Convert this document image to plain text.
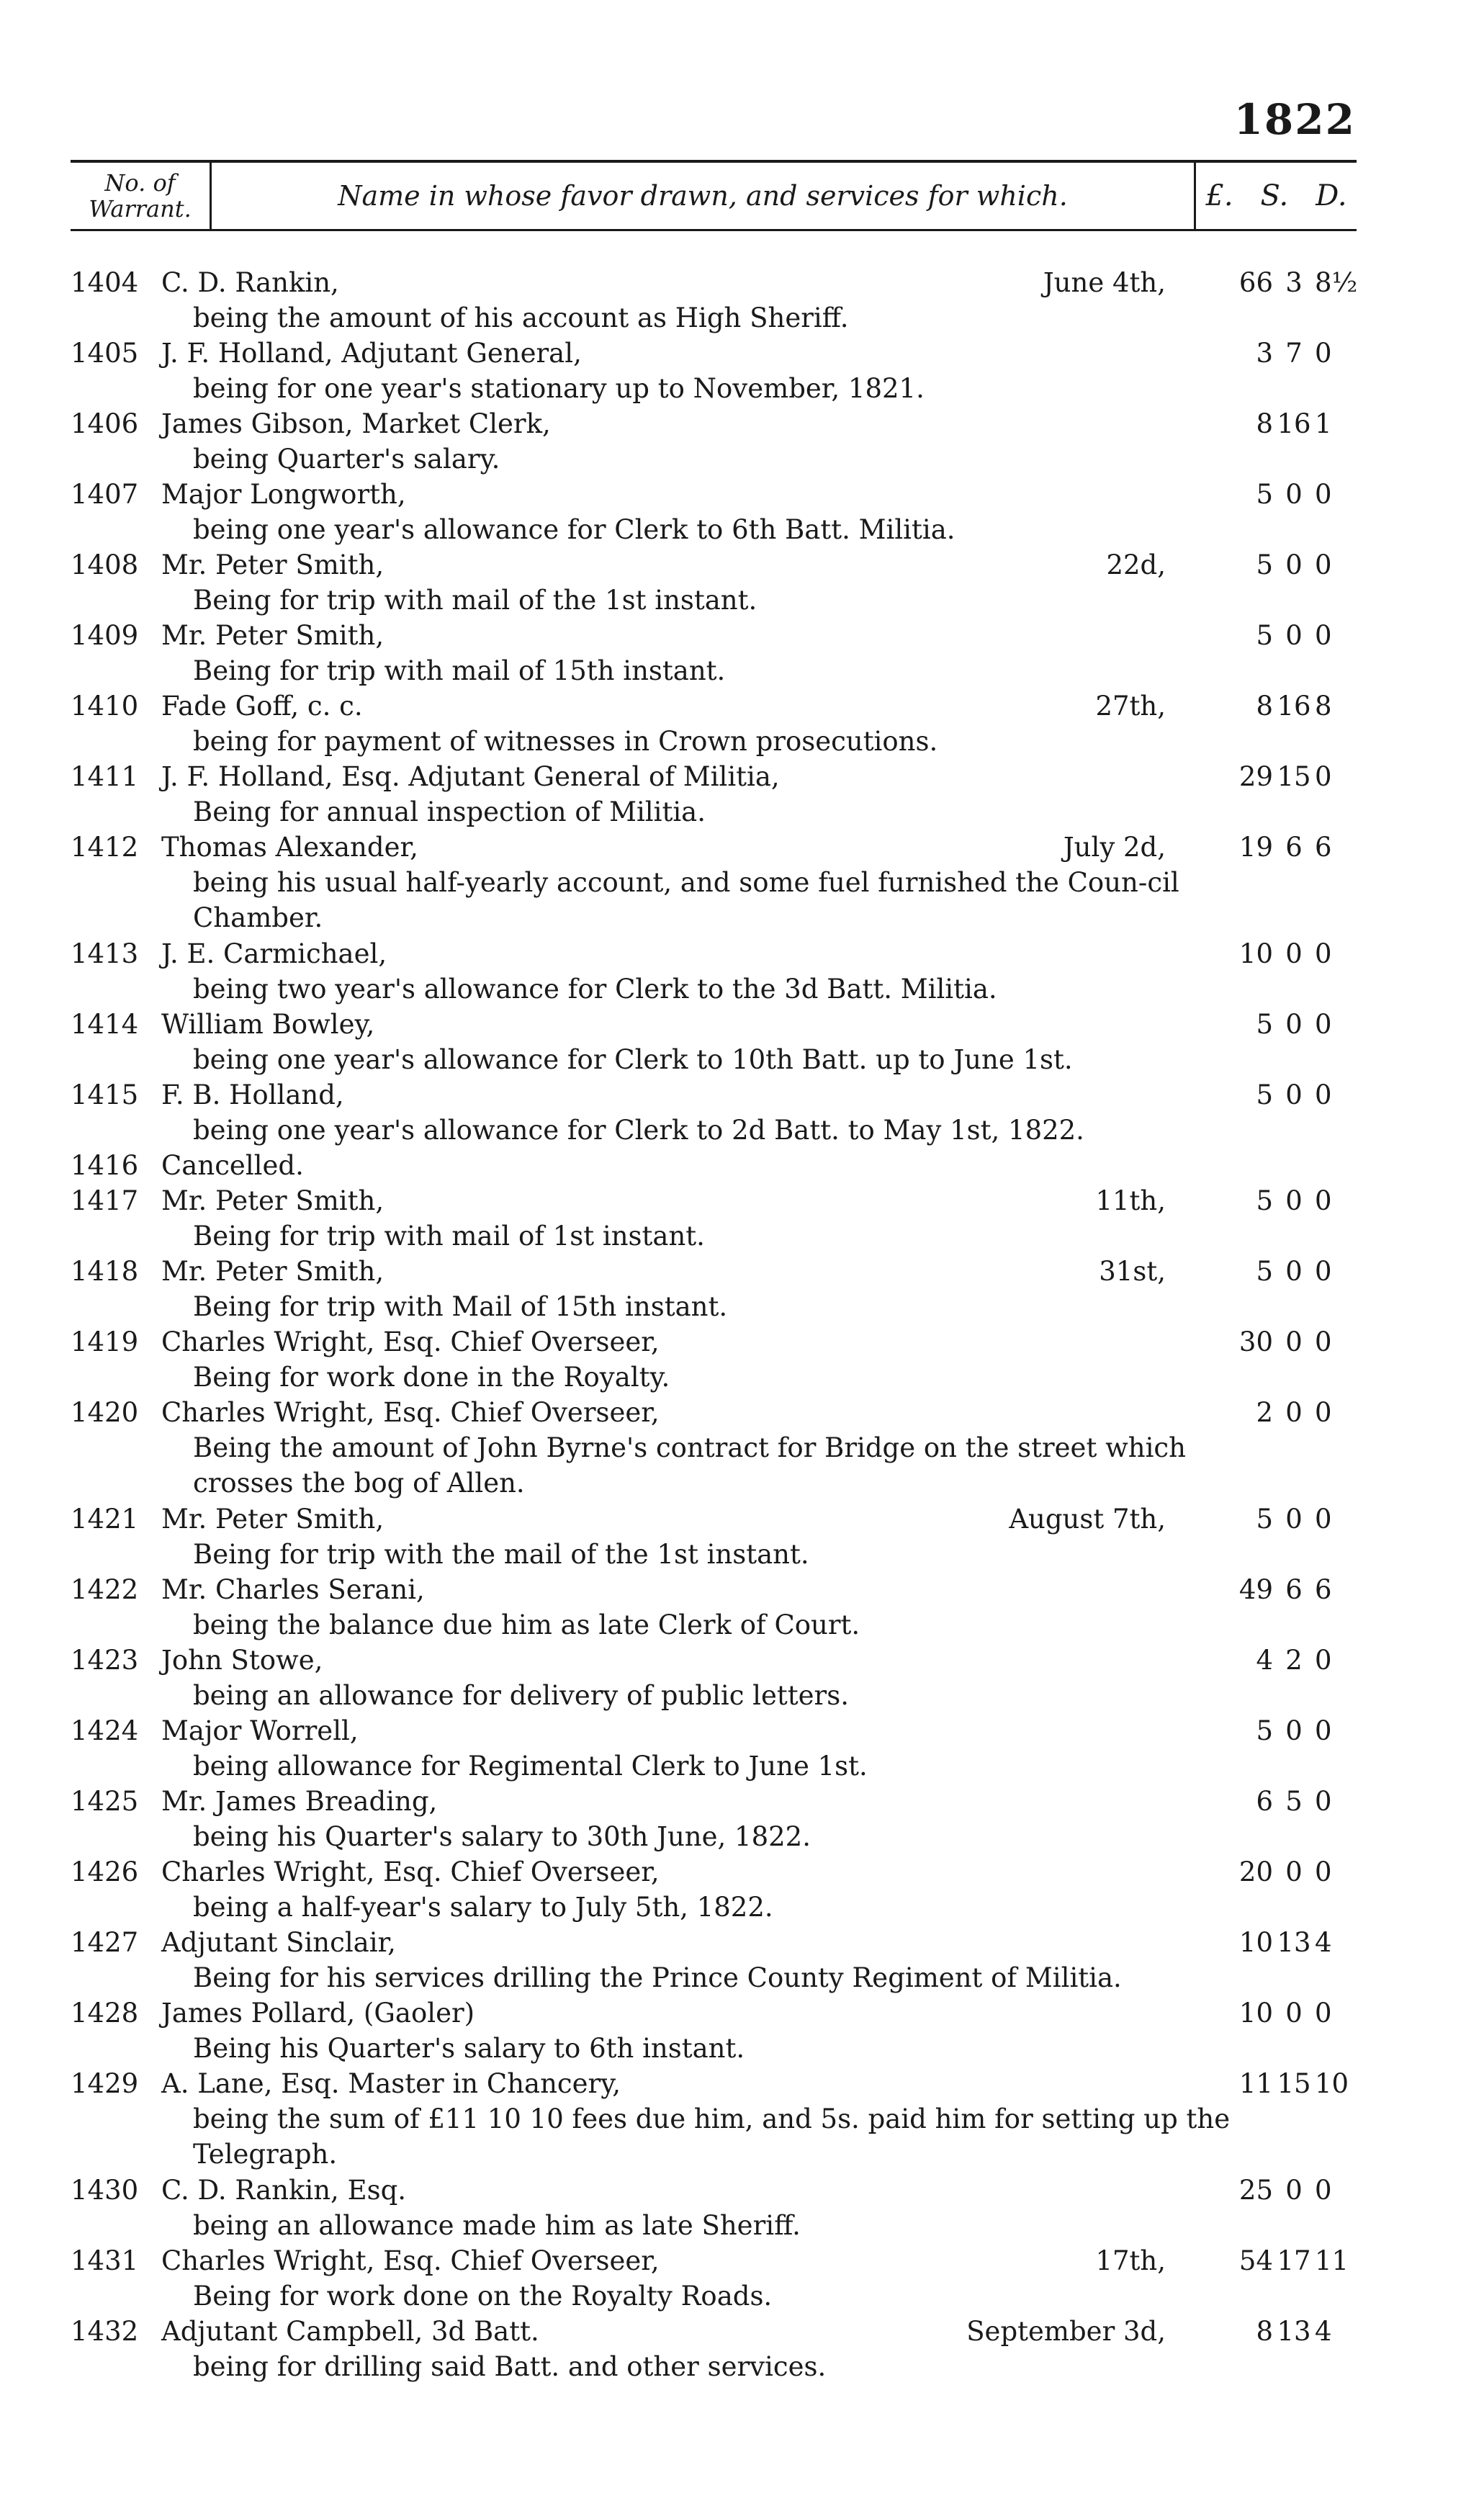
1822
No. of
Warrant.	Name in whose favor drawn, and services for which.	£. S. D.
1404 C. D. Rankin,	June 4th,	66 3 8½
being the amount of his account as High Sheriff.
1405 J. F. Holland, Adjutant General,	3 7 0
being for one year's stationary up to November, 1821.
1406 James Gibson, Market Clerk,	8 16 1
being Quarter's salary.
1407 Major Longworth,	5 0 0
being one year's allowance for Clerk to 6th Batt. Militia.
1408 Mr. Peter Smith,	22d,	5 0 0
Being for trip with mail of the 1st instant.
1409 Mr. Peter Smith,	5 0 0
Being for trip with mail of 15th instant.
1410 Fade Goff, c. c.	27th,	8 16 8
being for payment of witnesses in Crown prosecutions.
1411 J. F. Holland, Esq. Adjutant General of Militia,	29 15 0
Being for annual inspection of Militia.
1412 Thomas Alexander,	July 2d,	19 6 6
being his usual half-yearly account, and some fuel furnished the Coun-cil Chamber.
1413 J. E. Carmichael,	10 0 0
being two year's allowance for Clerk to the 3d Batt. Militia.
1414 William Bowley,	5 0 0
being one year's allowance for Clerk to 10th Batt. up to June 1st.
1415 F. B. Holland,	5 0 0
being one year's allowance for Clerk to 2d Batt. to May 1st, 1822.
1416 Cancelled.
1417 Mr. Peter Smith,	11th,	5 0 0
Being for trip with mail of 1st instant.
1418 Mr. Peter Smith,	31st,	5 0 0
Being for trip with Mail of 15th instant.
1419 Charles Wright, Esq. Chief Overseer,	30 0 0
Being for work done in the Royalty.
1420 Charles Wright, Esq. Chief Overseer,	2 0 0
Being the amount of John Byrne's contract for Bridge on the street which crosses the bog of Allen.
1421 Mr. Peter Smith,	August 7th,	5 0 0
Being for trip with the mail of the 1st instant.
1422 Mr. Charles Serani,	49 6 6
being the balance due him as late Clerk of Court.
1423 John Stowe,	4 2 0
being an allowance for delivery of public letters.
1424 Major Worrell,	5 0 0
being allowance for Regimental Clerk to June 1st.
1425 Mr. James Breading,	6 5 0
being his Quarter's salary to 30th June, 1822.
1426 Charles Wright, Esq. Chief Overseer,	20 0 0
being a half-year's salary to July 5th, 1822.
1427 Adjutant Sinclair,	10 13 4
Being for his services drilling the Prince County Regiment of Militia.
1428 James Pollard, (Gaoler)	10 0 0
Being his Quarter's salary to 6th instant.
1429 A. Lane, Esq. Master in Chancery,	11 15 10
being the sum of £11 10 10 fees due him, and 5s. paid him for setting up the Telegraph.
1430 C. D. Rankin, Esq.	25 0 0
being an allowance made him as late Sheriff.
1431 Charles Wright, Esq. Chief Overseer,	17th,	54 17 11
Being for work done on the Royalty Roads.
1432 Adjutant Campbell, 3d Batt.	September 3d,	8 13 4
being for drilling said Batt. and other services.
